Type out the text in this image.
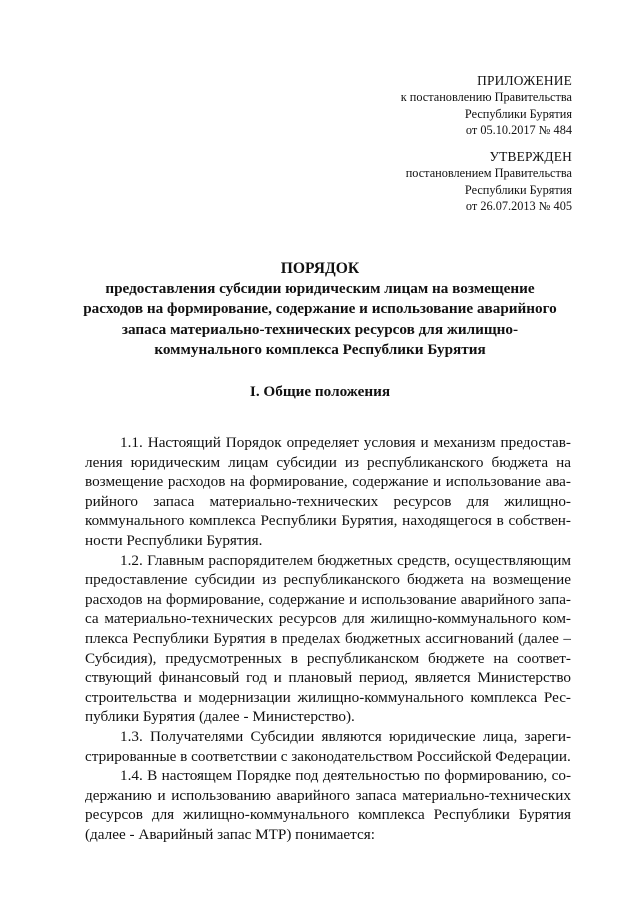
ПРИЛОЖЕНИЕ
к постановлению Правительства
Республики Бурятия
от 05.10.2017 № 484
УТВЕРЖДЕН
постановлением Правительства
Республики Бурятия
от 26.07.2013 № 405
ПОРЯДОК
предоставления субсидии юридическим лицам на возмещение
расходов на формирование, содержание и использование аварийного
запаса материально-технических ресурсов для жилищно-
коммунального комплекса Республики Бурятия
I. Общие положения
1.1. Настоящий Порядок определяет условия и механизм предостав-
ления юридическим лицам субсидии из республиканского бюджета на
возмещение расходов на формирование, содержание и использование ава-
рийного запаса материально-технических ресурсов для жилищно-
коммунального комплекса Республики Бурятия, находящегося в собствен-
ности Республики Бурятия.
1.2. Главным распорядителем бюджетных средств, осуществляющим
предоставление субсидии из республиканского бюджета на возмещение
расходов на формирование, содержание и использование аварийного запа-
са материально-технических ресурсов для жилищно-коммунального ком-
плекса Республики Бурятия в пределах бюджетных ассигнований (далее –
Субсидия), предусмотренных в республиканском бюджете на соответ-
ствующий финансовый год и плановый период, является Министерство
строительства и модернизации жилищно-коммунального комплекса Рес-
публики Бурятия (далее - Министерство).
1.3. Получателями Субсидии являются юридические лица, зареги-
стрированные в соответствии с законодательством Российской Федерации.
1.4. В настоящем Порядке под деятельностью по формированию, со-
держанию и использованию аварийного запаса материально-технических
ресурсов для жилищно-коммунального комплекса Республики Бурятия
(далее - Аварийный запас МТР) понимается:
